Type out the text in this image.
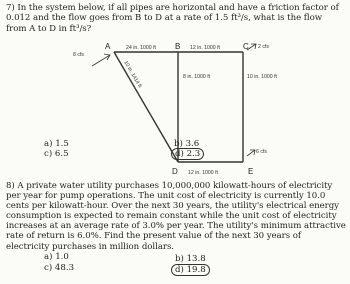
7) In the system below, if all pipes are horizontal and have a friction factor of 0.012 and the flow goes from B to D at a rate of 1.5 ft³/s, what is the flow from A to D in ft³/s?
A	B	C
D	E
8 cfs
2 cfs
6 cfs
24 in. 1000 ft	12 in. 1000 ft
8 in. 1000 ft	10 in. 1000 ft
10 in. 1414 ft
12 in. 1000 ft
a) 1.5
c) 6.5
b) 3.6
d) 2.3
8) A private water utility purchases 10,000,000 kilowatt-hours of electricity per year for pump operations. The unit cost of electricity is currently 10.0 cents per kilowatt-hour. Over the next 30 years, the utility's electrical energy consumption is expected to remain constant while the unit cost of electricity increases at an average rate of 3.0% per year. The utility's minimum attractive rate of return is 6.0%. Find the present value of the next 30 years of electricity purchases in million dollars.
a) 1.0
c) 48.3
b) 13.8
d) 19.8
